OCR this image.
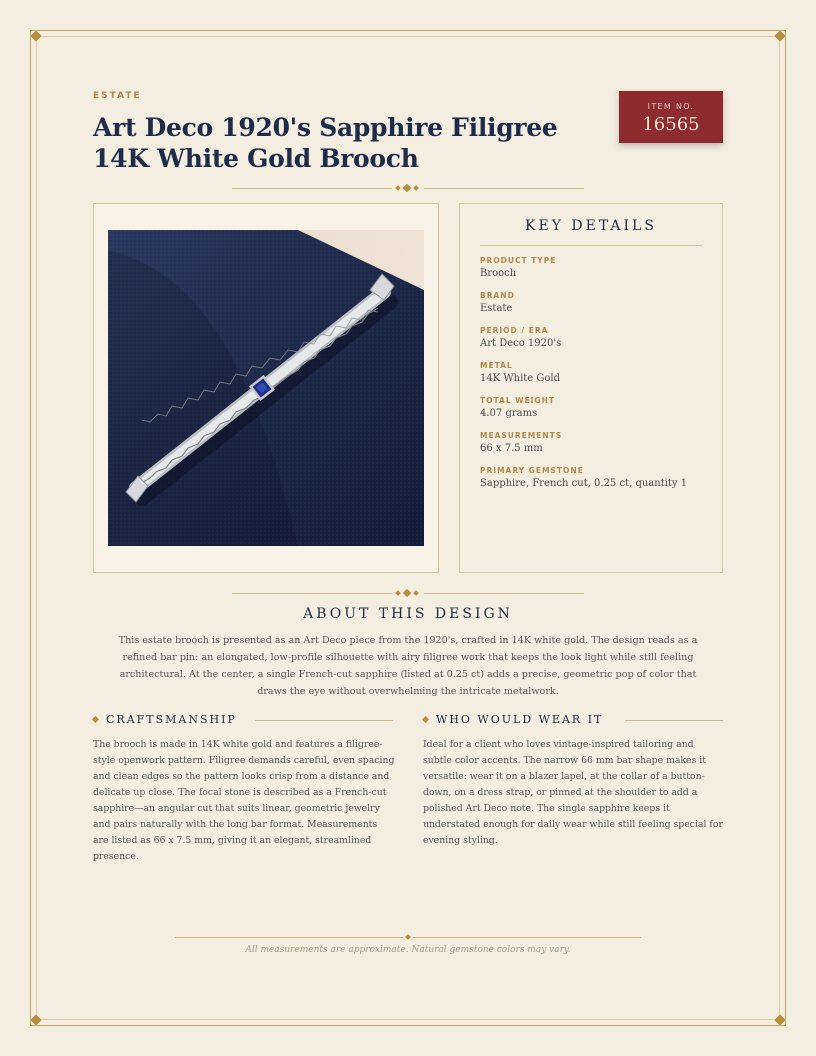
ESTATE
Art Deco 1920's Sapphire Filigree 14K White Gold Brooch
ITEM NO.
16565
KEY DETAILS
PRODUCT TYPE
Brooch
BRAND
Estate
PERIOD / ERA
Art Deco 1920's
METAL
14K White Gold
TOTAL WEIGHT
4.07 grams
MEASUREMENTS
66 x 7.5 mm
PRIMARY GEMSTONE
Sapphire, French cut, 0.25 ct, quantity 1
ABOUT THIS DESIGN

This estate brooch is presented as an Art Deco piece from the 1920's, crafted in 14K white gold. The design reads as a refined bar pin: an elongated, low-profile silhouette with airy filigree work that keeps the look light while still feeling architectural. At the center, a single French-cut sapphire (listed at 0.25 ct) adds a precise, geometric pop of color that draws the eye without overwhelming the intricate metalwork.

CRAFTSMANSHIP

The brooch is made in 14K white gold and features a filigree-style openwork pattern. Filigree demands careful, even spacing and clean edges so the pattern looks crisp from a distance and delicate up close. The focal stone is described as a French-cut sapphire—an angular cut that suits linear, geometric jewelry and pairs naturally with the long bar format. Measurements are listed as 66 x 7.5 mm, giving it an elegant, streamlined presence.

WHO WOULD WEAR IT

Ideal for a client who loves vintage-inspired tailoring and subtle color accents. The narrow 66 mm bar shape makes it versatile: wear it on a blazer lapel, at the collar of a button-down, on a dress strap, or pinned at the shoulder to add a polished Art Deco note. The single sapphire keeps it understated enough for daily wear while still feeling special for evening styling.

All measurements are approximate. Natural gemstone colors may vary.
